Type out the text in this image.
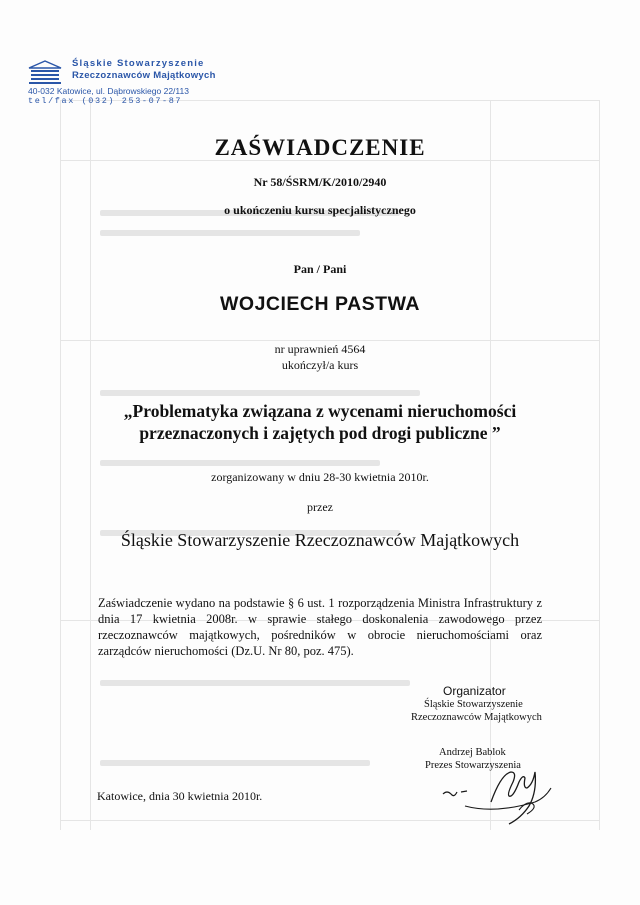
Śląskie Stowarzyszenie
Rzeczoznawców Majątkowych
40-032 Katowice, ul. Dąbrowskiego 22/113
tel/fax (032) 253-07-87
ZAŚWIADCZENIE
Nr 58/ŚSRM/K/2010/2940
o ukończeniu kursu specjalistycznego
Pan / Pani
WOJCIECH PASTWA
nr uprawnień 4564
ukończył/a kurs
„Problematyka związana z wycenami nieruchomości
przeznaczonych i zajętych pod drogi publiczne ”
zorganizowany w dniu 28-30 kwietnia 2010r.
przez
Śląskie Stowarzyszenie Rzeczoznawców Majątkowych
Zaświadczenie wydano na podstawie § 6 ust. 1 rozporządzenia Ministra Infrastruktury z dnia 17 kwietnia 2008r. w sprawie stałego doskonalenia zawodowego przez rzeczoznawców majątkowych, pośredników w obrocie nieruchomościami oraz zarządców nieruchomości (Dz.U. Nr 80, poz. 475).
Organizator
Śląskie Stowarzyszenie
Rzeczoznawców Majątkowych
Andrzej Bablok
Prezes Stowarzyszenia
Katowice, dnia 30 kwietnia 2010r.
